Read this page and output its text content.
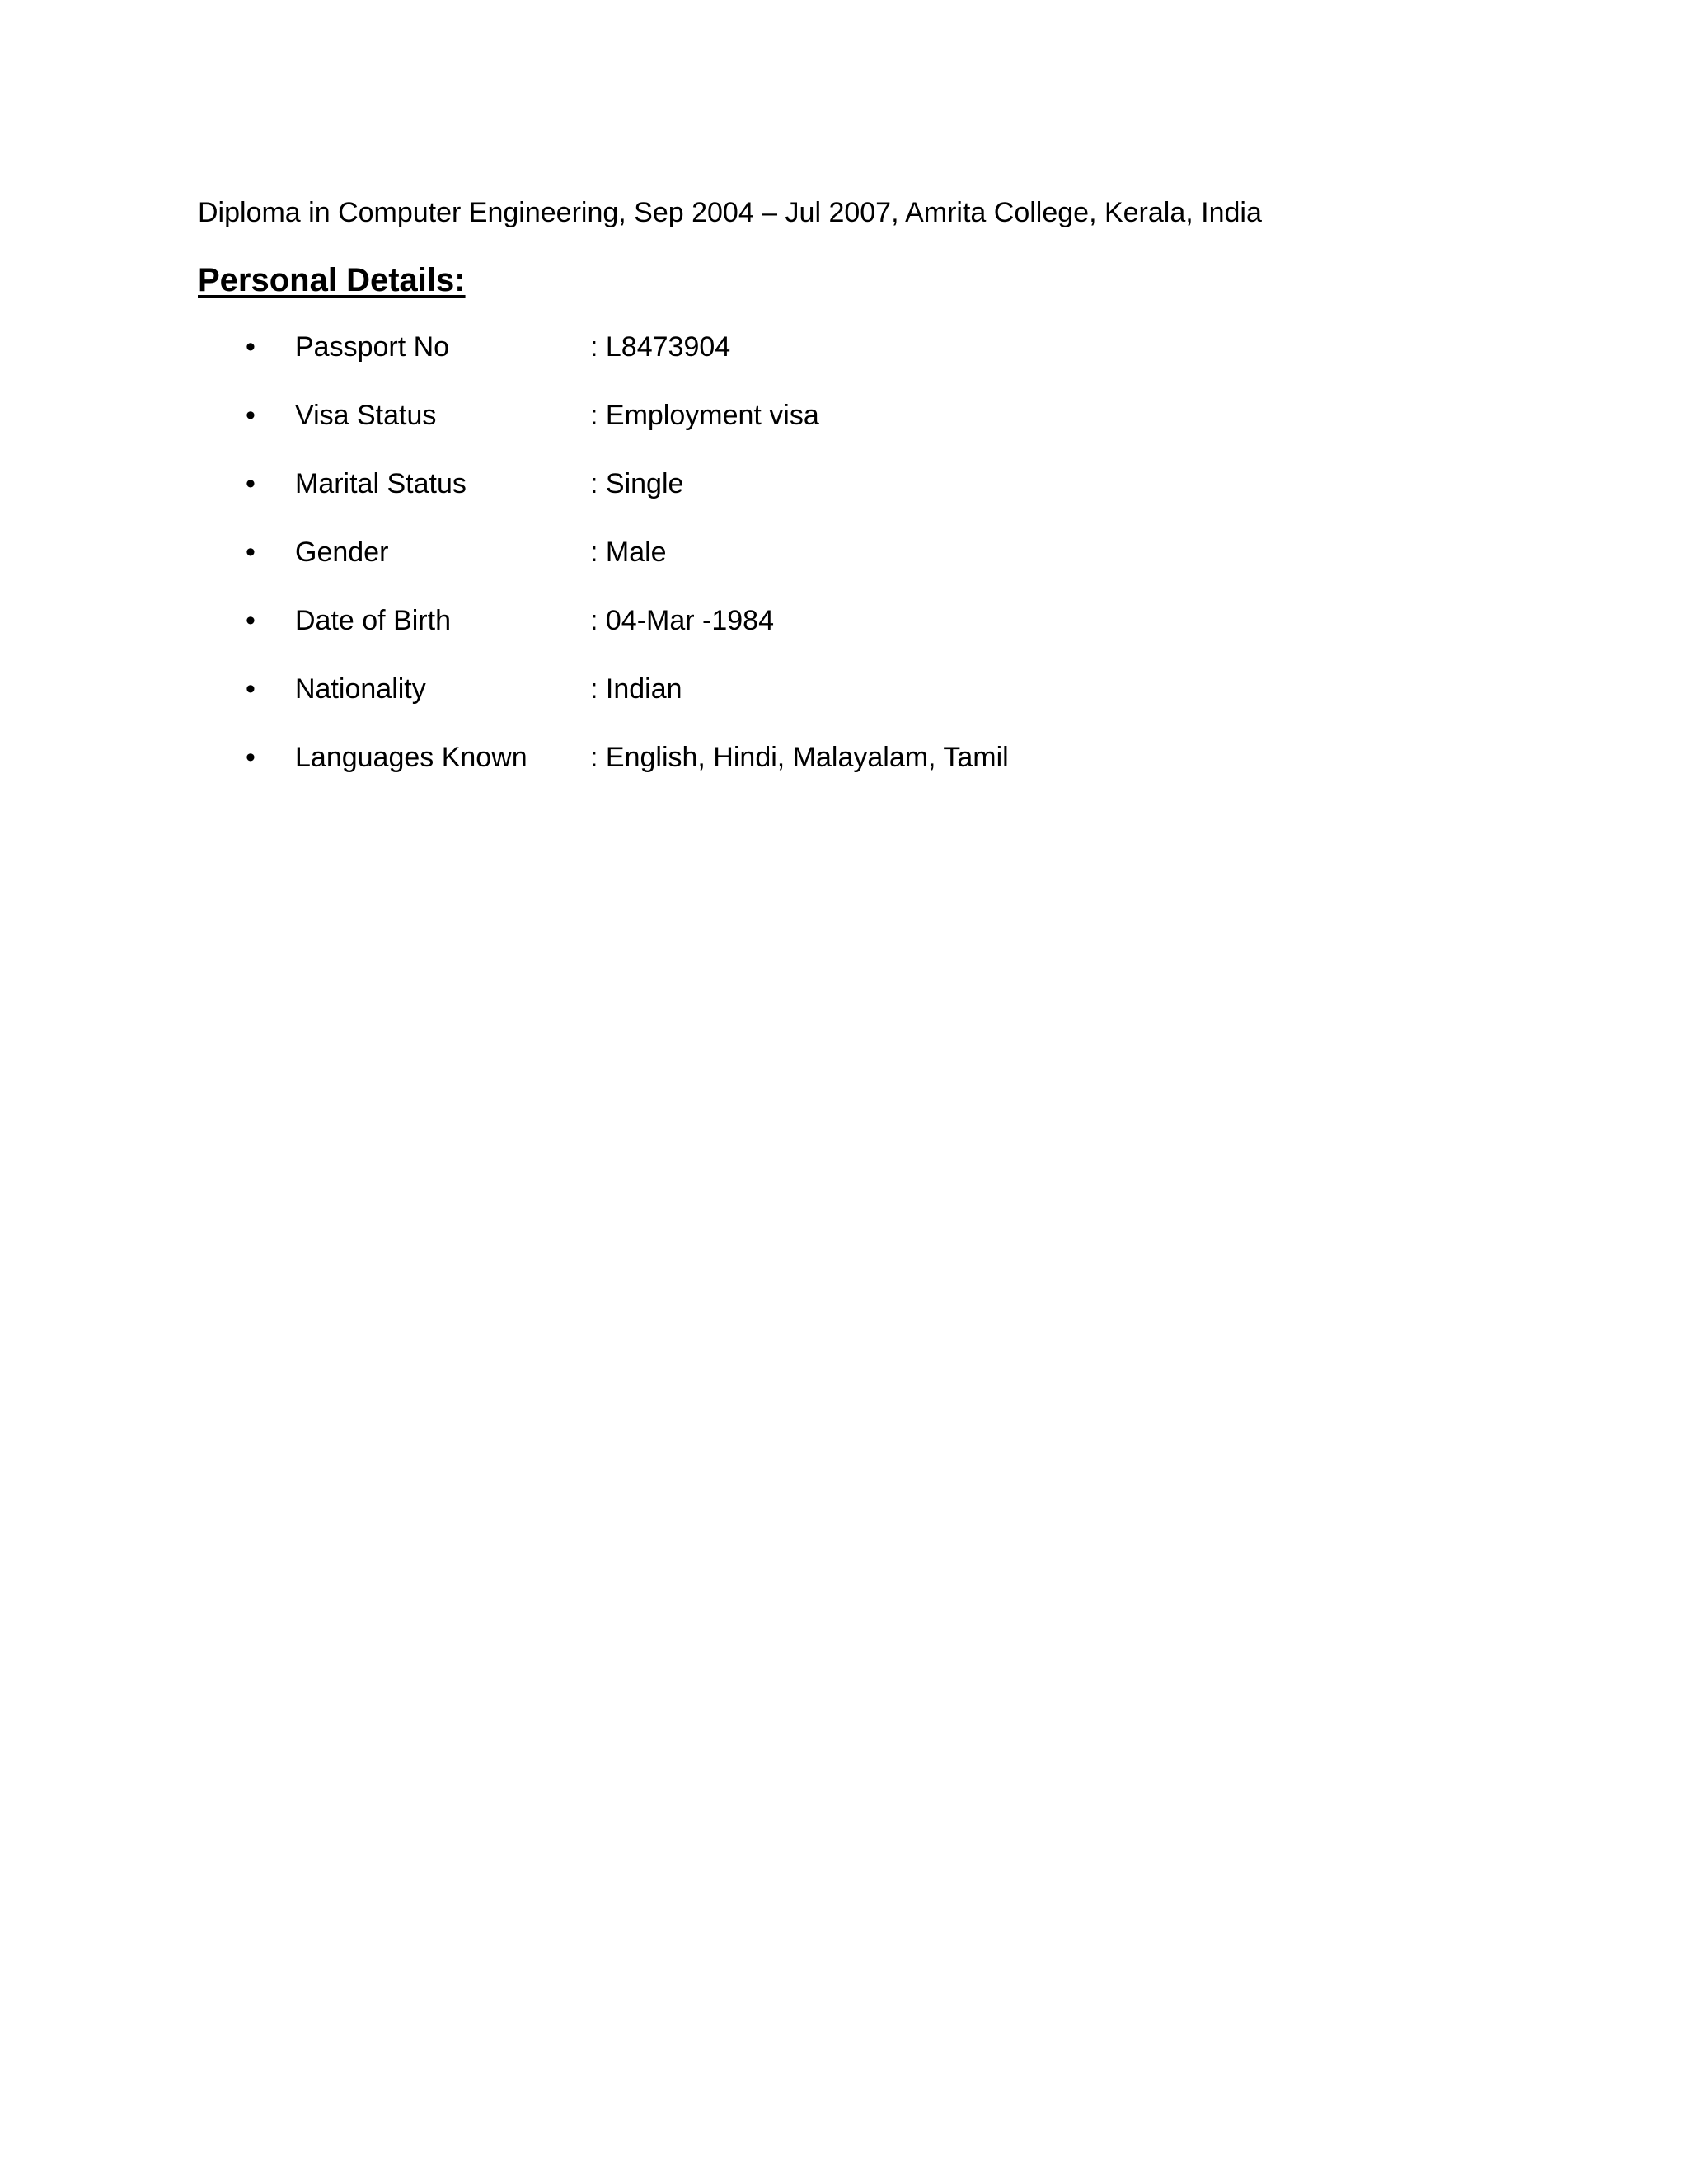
Diploma in Computer Engineering, Sep 2004 – Jul 2007, Amrita College, Kerala, India
Personal Details:
• Passport No	: L8473904
• Visa Status	: Employment visa
• Marital Status	: Single
• Gender	: Male
• Date of Birth	: 04-Mar -1984
• Nationality	: Indian
• Languages Known : English, Hindi, Malayalam, Tamil
